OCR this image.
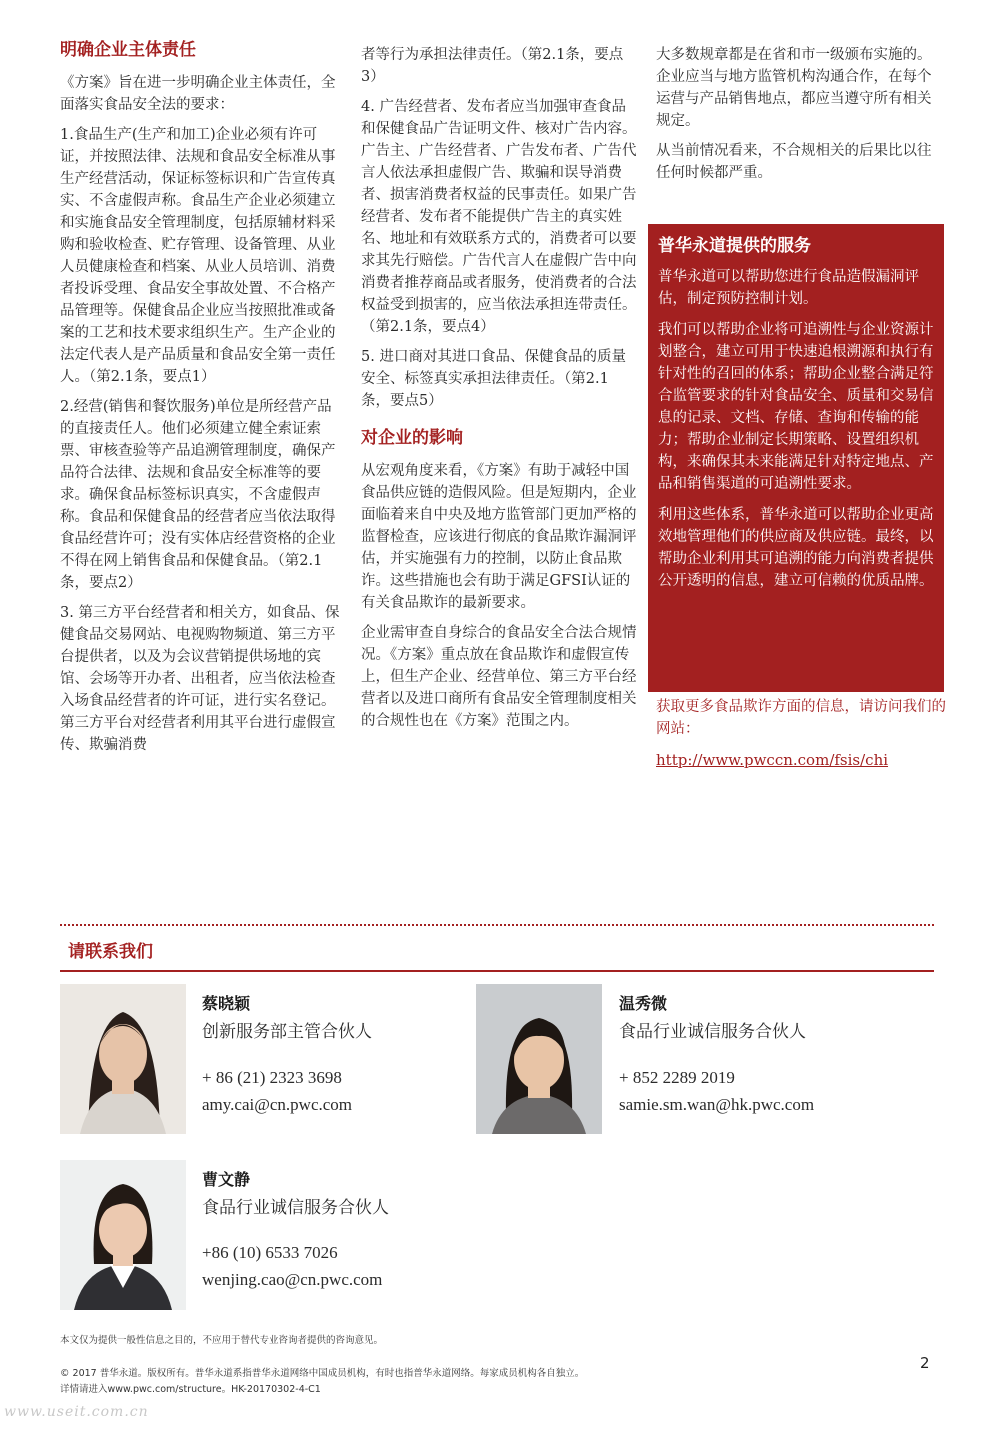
明确企业主体责任

《方案》旨在进一步明确企业主体责任，全面落实食品安全法的要求：

1.食品生产(生产和加工)企业必须有许可证，并按照法律、法规和食品安全标准从事生产经营活动，保证标签标识和广告宣传真实、不含虚假声称。食品生产企业必须建立和实施食品安全管理制度，包括原辅材料采购和验收检查、贮存管理、设备管理、从业人员健康检查和档案、从业人员培训、消费者投诉受理、食品安全事故处置、不合格产品管理等。保健食品企业应当按照批准或备案的工艺和技术要求组织生产。生产企业的法定代表人是产品质量和食品安全第一责任人。（第2.1条，要点1）

2.经营(销售和餐饮服务)单位是所经营产品的直接责任人。他们必须建立健全索证索票、审核查验等产品追溯管理制度，确保产品符合法律、法规和食品安全标准等的要求。确保食品标签标识真实，不含虚假声称。食品和保健食品的经营者应当依法取得食品经营许可；没有实体店经营资格的企业不得在网上销售食品和保健食品。（第2.1条，要点2）

3. 第三方平台经营者和相关方，如食品、保健食品交易网站、电视购物频道、第三方平台提供者，以及为会议营销提供场地的宾馆、会场等开办者、出租者，应当依法检查入场食品经营者的许可证，进行实名登记。第三方平台对经营者利用其平台进行虚假宣传、欺骗消费

者等行为承担法律责任。（第2.1条，要点3）

4. 广告经营者、发布者应当加强审查食品和保健食品广告证明文件、核对广告内容。广告主、广告经营者、广告发布者、广告代言人依法承担虚假广告、欺骗和误导消费者、损害消费者权益的民事责任。如果广告经营者、发布者不能提供广告主的真实姓名、地址和有效联系方式的，消费者可以要求其先行赔偿。广告代言人在虚假广告中向消费者推荐商品或者服务，使消费者的合法权益受到损害的，应当依法承担连带责任。（第2.1条，要点4）

5. 进口商对其进口食品、保健食品的质量安全、标签真实承担法律责任。（第2.1条，要点5）

对企业的影响

从宏观角度来看，《方案》有助于减轻中国食品供应链的造假风险。但是短期内，企业面临着来自中央及地方监管部门更加严格的监督检查，应该进行彻底的食品欺诈漏洞评估，并实施强有力的控制，以防止食品欺诈。这些措施也会有助于满足GFSI认证的有关食品欺诈的最新要求。

企业需审查自身综合的食品安全合法合规情况。《方案》重点放在食品欺诈和虚假宣传上，但生产企业、经营单位、第三方平台经营者以及进口商所有食品安全管理制度相关的合规性也在《方案》范围之内。

大多数规章都是在省和市一级颁布实施的。企业应当与地方监管机构沟通合作，在每个运营与产品销售地点，都应当遵守所有相关规定。

从当前情况看来，不合规相关的后果比以往任何时候都严重。

普华永道提供的服务

普华永道可以帮助您进行食品造假漏洞评估，制定预防控制计划。

我们可以帮助企业将可追溯性与企业资源计划整合，建立可用于快速追根溯源和执行有针对性的召回的体系；帮助企业整合满足符合监管要求的针对食品安全、质量和交易信息的记录、文档、存储、查询和传输的能力；帮助企业制定长期策略、设置组织机构，来确保其未来能满足针对特定地点、产品和销售渠道的可追溯性要求。

利用这些体系，普华永道可以帮助企业更高效地管理他们的供应商及供应链。最终，以帮助企业利用其可追溯的能力向消费者提供公开透明的信息，建立可信赖的优质品牌。

获取更多食品欺诈方面的信息，请访问我们的网站：
http://www.pwccn.com/fsis/chi
请联系我们
蔡晓颖
创新服务部主管合伙人
+ 86 (21) 2323 3698
amy.cai@cn.pwc.com
温秀微
食品行业诚信服务合伙人
+ 852 2289 2019
samie.sm.wan@hk.pwc.com
曹文静
食品行业诚信服务合伙人
+86 (10) 6533 7026
wenjing.cao@cn.pwc.com
本文仅为提供一般性信息之目的，不应用于替代专业咨询者提供的咨询意见。
© 2017 普华永道。版权所有。普华永道系指普华永道网络中国成员机构，有时也指普华永道网络。每家成员机构各自独立。
详情请进入www.pwc.com/structure。HK-20170302-4-C1
2
www.useit.com.cn
